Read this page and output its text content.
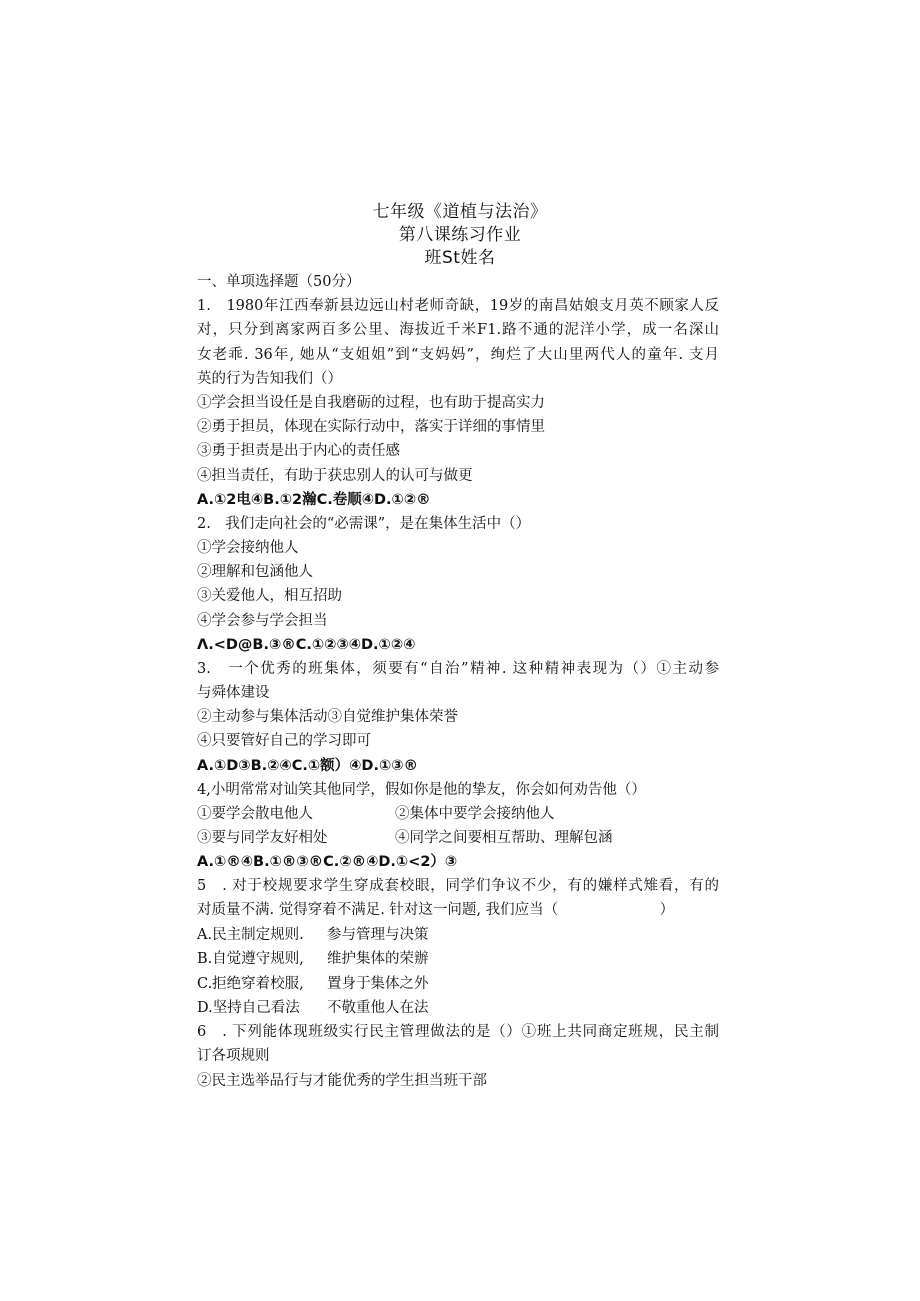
七年级《道植与法治》
第八课练习作业
班St姓名
一、单项选择题（50分）
1.　1980年江西奉新县边远山村老师奇缺，19岁的南昌姑娘支月英不顾家人反
对，只分到离家两百多公里、海拔近千米F1.路不通的泥洋小学，成一名深山
女老乖. 36年, 她从“支姐姐”到“支妈妈”，绚烂了大山里两代人的童年. 支月
英的行为告知我们（）
①学会担当设任是自我磨砺的过程，也有助于提高实力
②勇于担员，体现在实际行动中，落实于详细的事情里
③勇于担责是出于内心的责任感
④担当责任，有助于获忠别人的认可与做更
A.①2电④B.①2瀚C.卷顺④D.①②®
2.　我们走向社会的“必需课”，是在集体生活中（）
①学会接纳他人
②理解和包涵他人
③关爱他人，相互招助
④学会参与学会担当
Λ.<D@B.③®C.①②③④D.①②④
3.　一个优秀的班集体，须要有“自治”精神. 这种精神表现为（）①主动参
与舜体建设
②主动参与集体活动③自觉维护集体荣誉
④只要管好自己的学习即可
A.①D③B.②④C.①额）④D.①③®
4,小明常常对讪笑其他同学，假如你是他的挚友，你会如何劝告他（）
①要学会散电他人	②集体中要学会接纳他人
③要与同学友好相处	④同学之间要相互帮助、理解包涵
A.①®④B.①®③®C.②®④D.①<2）③
5　. 对于校规要求学生穿成套校眼，同学们争议不少，有的嫌样式雉看，有的
对质量不满. 觉得穿着不满足. 针对这一问题, 我们应当（　　　　　　　）
A.民主制定规则. 参与管理与决策
B.自觉遵守规则, 维护集体的荣辦
C.拒绝穿着校服, 置身于集体之外
D.坚持自己看法	不敬重他人在法
6　. 下列能体现班级实行民主管理做法的是（）①班上共同商定班规，民主制
订各项规则
②民主选举品行与才能优秀的学生担当班干部
